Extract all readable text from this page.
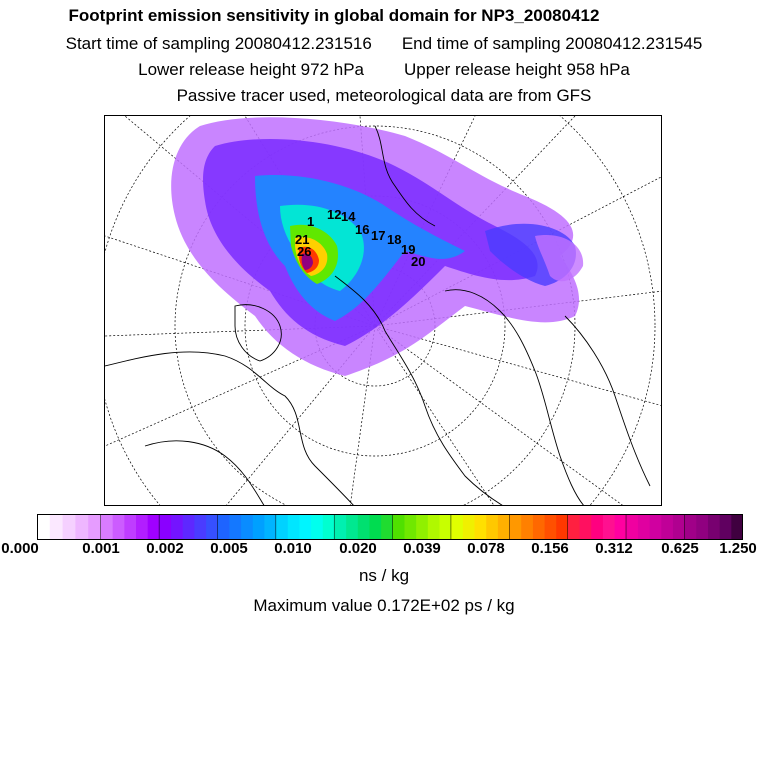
Footprint emission sensitivity in global domain for NP3_20080412
Start time of sampling 20080412.231516 End time of sampling 20080412.231545
Lower release height 972 hPa Upper release height 958 hPa
Passive tracer used, meteorological data are from GFS
1 12 14
16 17 18
19
20
21
26
0.000	0.001 0.002 0.005 0.010 0.020 0.039 0.078 0.156 0.312 0.625 1.250
ns / kg
Maximum value 0.172E+02 ps / kg
